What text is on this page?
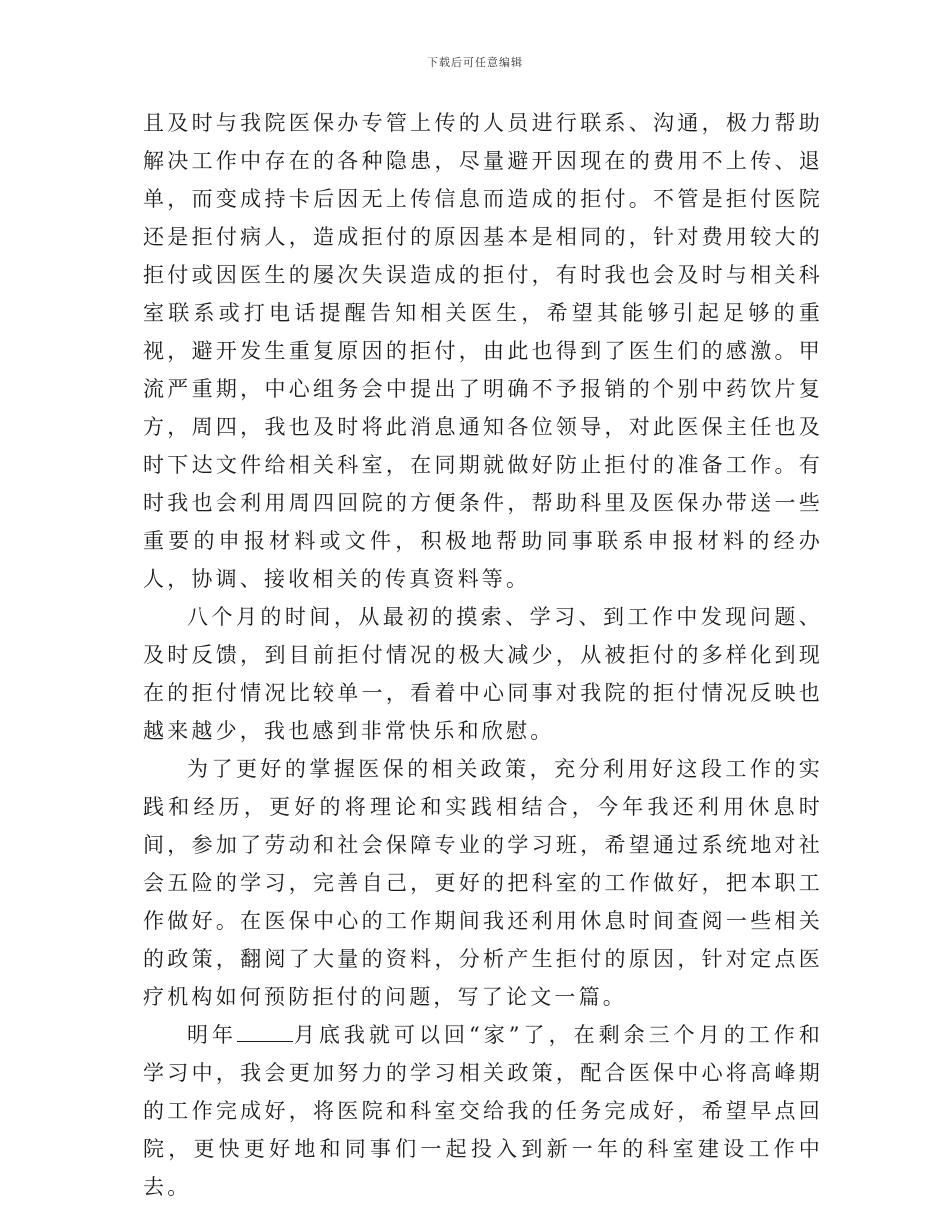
下载后可任意编辑

且及时与我院医保办专管上传的人员进行联系、沟通，极力帮助解决工作中存在的各种隐患，尽量避开因现在的费用不上传、退单，而变成持卡后因无上传信息而造成的拒付。不管是拒付医院还是拒付病人，造成拒付的原因基本是相同的，针对费用较大的拒付或因医生的屡次失误造成的拒付，有时我也会及时与相关科室联系或打电话提醒告知相关医生，希望其能够引起足够的重视，避开发生重复原因的拒付，由此也得到了医生们的感激。甲流严重期，中心组务会中提出了明确不予报销的个别中药饮片复方，周四，我也及时将此消息通知各位领导，对此医保主任也及时下达文件给相关科室，在同期就做好防止拒付的准备工作。有时我也会利用周四回院的方便条件，帮助科里及医保办带送一些重要的申报材料或文件，积极地帮助同事联系申报材料的经办人，协调、接收相关的传真资料等。

八个月的时间，从最初的摸索、学习、到工作中发现问题、及时反馈，到目前拒付情况的极大减少，从被拒付的多样化到现在的拒付情况比较单一，看着中心同事对我院的拒付情况反映也越来越少，我也感到非常快乐和欣慰。

为了更好的掌握医保的相关政策，充分利用好这段工作的实践和经历，更好的将理论和实践相结合，今年我还利用休息时间，参加了劳动和社会保障专业的学习班，希望通过系统地对社会五险的学习，完善自己，更好的把科室的工作做好，把本职工作做好。在医保中心的工作期间我还利用休息时间查阅一些相关的政策，翻阅了大量的资料，分析产生拒付的原因，针对定点医疗机构如何预防拒付的问题，写了论文一篇。

明年	月底我就可以回“家”了，在剩余三个月的工作和学习中，我会更加努力的学习相关政策，配合医保中心将高峰期的工作完成好，将医院和科室交给我的任务完成好，希望早点回院，更快更好地和同事们一起投入到新一年的科室建设工作中去。
